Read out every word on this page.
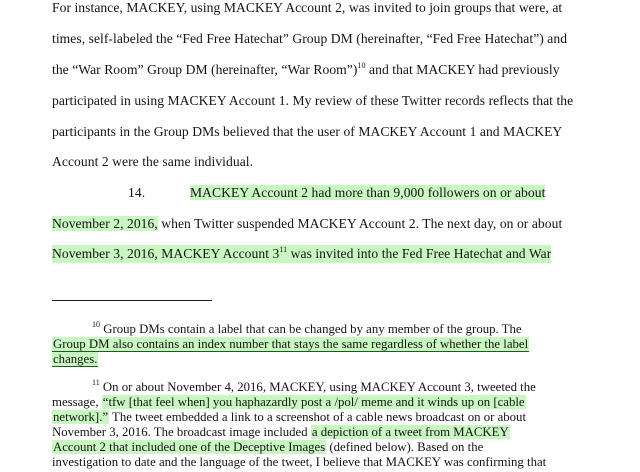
For instance, MACKEY, using MACKEY Account 2, was invited to join groups that were, at
times, self-labeled the “Fed Free Hatechat” Group DM (hereinafter, “Fed Free Hatechat”) and
the “War Room” Group DM (hereinafter, “War Room”)$^{10}$ and that MACKEY had previously
participated in using MACKEY Account 1. My review of these Twitter records reflects that the
participants in the Group DMs believed that the user of MACKEY Account 1 and MACKEY
Account 2 were the same individual.
14.	MACKEY Account 2 had more than 9,000 followers on or about
November 2, 2016, when Twitter suspended MACKEY Account 2. The next day, on or about
November 3, 2016, MACKEY Account $3^{11}$ was invited into the Fed Free Hatechat and War
$^{10}$ Group DMs contain a label that can be changed by any member of the group. The
Group DM also contains an index number that stays the same regardless of whether the label
changes.
$^{11}$ On or about November 4, 2016, MACKEY, using MACKEY Account 3, tweeted the
message, “tfw [that feel when] you haphazardly post a /pol/ meme and it winds up on [cable
network].” The tweet embedded a link to a screenshot of a cable news broadcast on or about
November 3, 2016. The broadcast image included a depiction of a tweet from MACKEY
Account 2 that included one of the Deceptive Images (defined below). Based on the
investigation to date and the language of the tweet, I believe that MACKEY was confirming that
